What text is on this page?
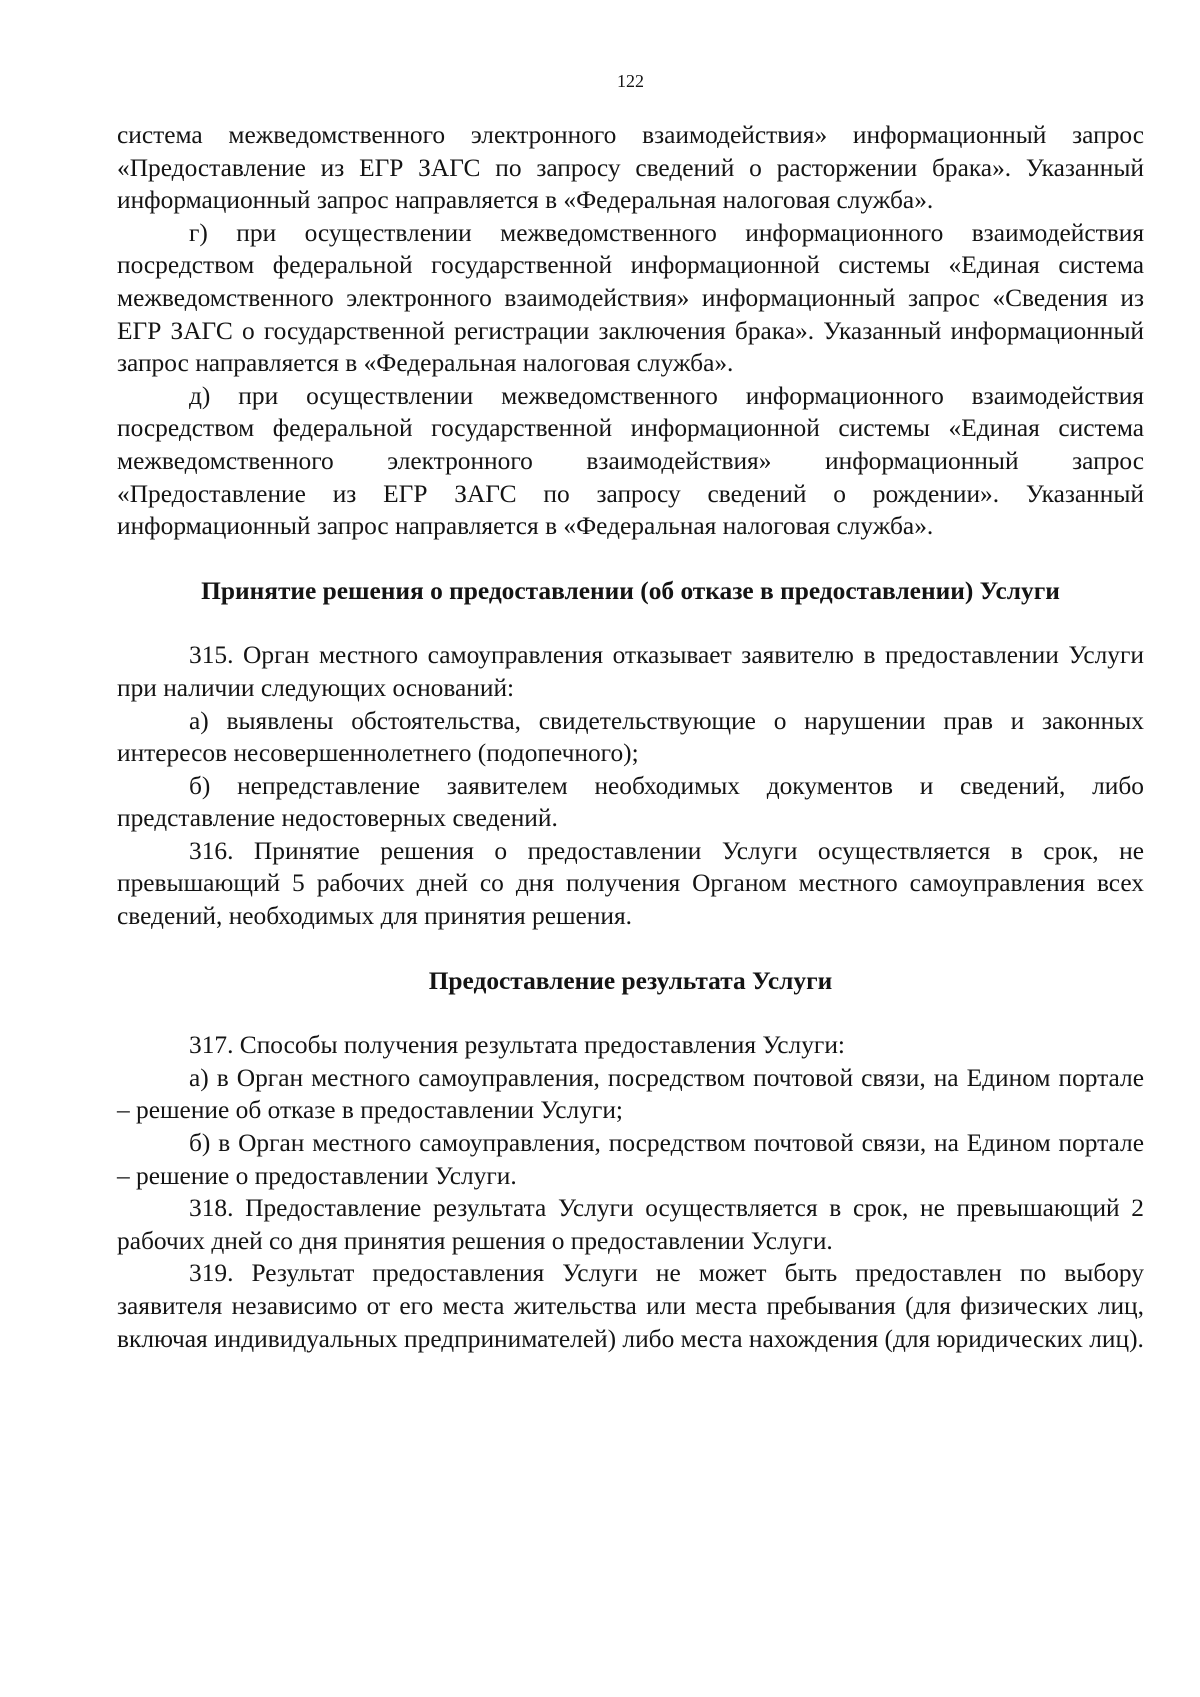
122

система межведомственного электронного взаимодействия» информационный запрос «Предоставление из ЕГР ЗАГС по запросу сведений о расторжении брака». Указанный информационный запрос направляется в «Федеральная налоговая служба».

г) при осуществлении межведомственного информационного взаимодействия посредством федеральной государственной информационной системы «Единая система межведомственного электронного взаимодействия» информационный запрос «Сведения из ЕГР ЗАГС о государственной регистрации заключения брака». Указанный информационный запрос направляется в «Федеральная налоговая служба».

д) при осуществлении межведомственного информационного взаимодействия посредством федеральной государственной информационной системы «Единая система межведомственного электронного взаимодействия» информационный запрос «Предоставление из ЕГР ЗАГС по запросу сведений о рождении». Указанный информационный запрос направляется в «Федеральная налоговая служба».

Принятие решения о предоставлении (об отказе в предоставлении) Услуги

315. Орган местного самоуправления отказывает заявителю в предоставлении Услуги при наличии следующих оснований:

а) выявлены обстоятельства, свидетельствующие о нарушении прав и законных интересов несовершеннолетнего (подопечного);

б) непредставление заявителем необходимых документов и сведений, либо представление недостоверных сведений.

316. Принятие решения о предоставлении Услуги осуществляется в срок, не превышающий 5 рабочих дней со дня получения Органом местного самоуправления всех сведений, необходимых для принятия решения.

Предоставление результата Услуги

317. Способы получения результата предоставления Услуги:

а) в Орган местного самоуправления, посредством почтовой связи, на Едином портале – решение об отказе в предоставлении Услуги;

б) в Орган местного самоуправления, посредством почтовой связи, на Едином портале – решение о предоставлении Услуги.

318. Предоставление результата Услуги осуществляется в срок, не превышающий 2 рабочих дней со дня принятия решения о предоставлении Услуги.

319. Результат предоставления Услуги не может быть предоставлен по выбору заявителя независимо от его места жительства или места пребывания (для физических лиц, включая индивидуальных предпринимателей) либо места нахождения (для юридических лиц).
